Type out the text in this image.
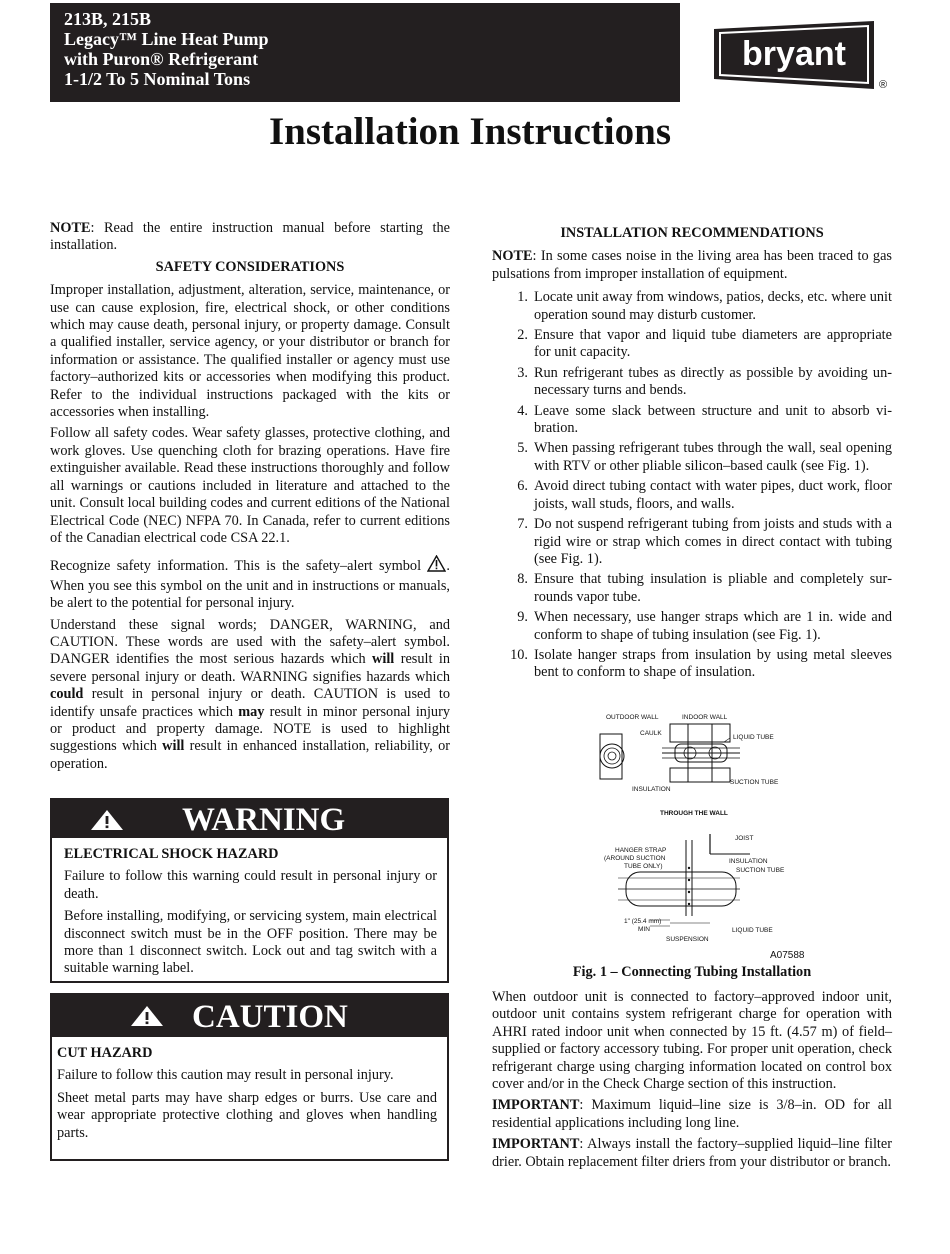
213B, 215B
Legacy™ Line Heat Pump
with Puron® Refrigerant
1-1/2 To 5 Nominal Tons
bryant
®
Installation Instructions

NOTE: Read the entire instruction manual before starting the installation.

SAFETY CONSIDERATIONS

Improper installation, adjustment, alteration, service, maintenance, or use can cause explosion, fire, electrical shock, or other conditions which may cause death, personal injury, or property damage. Consult a qualified installer, service agency, or your distributor or branch for information or assistance. The qualified installer or agency must use factory–authorized kits or accessories when modifying this product. Refer to the individual instructions packaged with the kits or accessories when installing.

Follow all safety codes. Wear safety glasses, protective clothing, and work gloves. Use quenching cloth for brazing operations. Have fire extinguisher available. Read these instructions thoroughly and follow all warnings or cautions included in literature and attached to the unit. Consult local building codes and current editions of the National Electrical Code (NEC) NFPA 70. In Canada, refer to current editions of the Canadian electrical code CSA 22.1.

Recognize safety information. This is the safety–alert symbol . When you see this symbol on the unit and in instructions or manuals, be alert to the potential for personal injury.

Understand these signal words; DANGER, WARNING, and CAUTION. These words are used with the safety–alert symbol. DANGER identifies the most serious hazards which will result in severe personal injury or death. WARNING signifies hazards which could result in personal injury or death. CAUTION is used to identify unsafe practices which may result in minor personal injury or product and property damage. NOTE is used to highlight suggestions which will result in enhanced installation, reliability, or operation.

WARNING
ELECTRICAL SHOCK HAZARD

Failure to follow this warning could result in personal injury or death.

Before installing, modifying, or servicing system, main electrical disconnect switch must be in the OFF position. There may be more than 1 disconnect switch. Lock out and tag switch with a suitable warning label.

CAUTION
CUT HAZARD

Failure to follow this caution may result in personal injury.

Sheet metal parts may have sharp edges or burrs. Use care and wear appropriate protective clothing and gloves when handling parts.

INSTALLATION RECOMMENDATIONS

NOTE: In some cases noise in the living area has been traced to gas pulsations from improper installation of equipment.

1. Locate unit away from windows, patios, decks, etc. where unit operation sound may disturb customer.
2. Ensure that vapor and liquid tube diameters are appropriate for unit capacity.
3. Run refrigerant tubes as directly as possible by avoiding unnecessary turns and bends.
4. Leave some slack between structure and unit to absorb vibration.
5. When passing refrigerant tubes through the wall, seal opening with RTV or other pliable silicon–based caulk (see Fig. 1).
6. Avoid direct tubing contact with water pipes, duct work, floor joists, wall studs, floors, and walls.
7. Do not suspend refrigerant tubing from joists and studs with a rigid wire or strap which comes in direct contact with tubing (see Fig. 1).
8. Ensure that tubing insulation is pliable and completely surrounds vapor tube.
9. When necessary, use hanger straps which are 1 in. wide and conform to shape of tubing insulation (see Fig. 1).
10. Isolate hanger straps from insulation by using metal sleeves bent to conform to shape of insulation.
OUTDOOR WALL	INDOOR WALL
CAULK
LIQUID TUBE
SUCTION TUBE
INSULATION
THROUGH THE WALL
JOIST
HANGER STRAP
(AROUND SUCTION
TUBE ONLY)
INSULATION
SUCTION TUBE
1" (25.4 mm)
MIN	LIQUID TUBE
SUSPENSION
A07588
Fig. 1 – Connecting Tubing Installation

When outdoor unit is connected to factory–approved indoor unit, outdoor unit contains system refrigerant charge for operation with AHRI rated indoor unit when connected by 15 ft. (4.57 m) of field–supplied or factory accessory tubing. For proper unit operation, check refrigerant charge using charging information located on control box cover and/or in the Check Charge section of this instruction.

IMPORTANT: Maximum liquid–line size is 3/8–in. OD for all residential applications including long line.

IMPORTANT: Always install the factory–supplied liquid–line filter drier. Obtain replacement filter driers from your distributor or branch.
